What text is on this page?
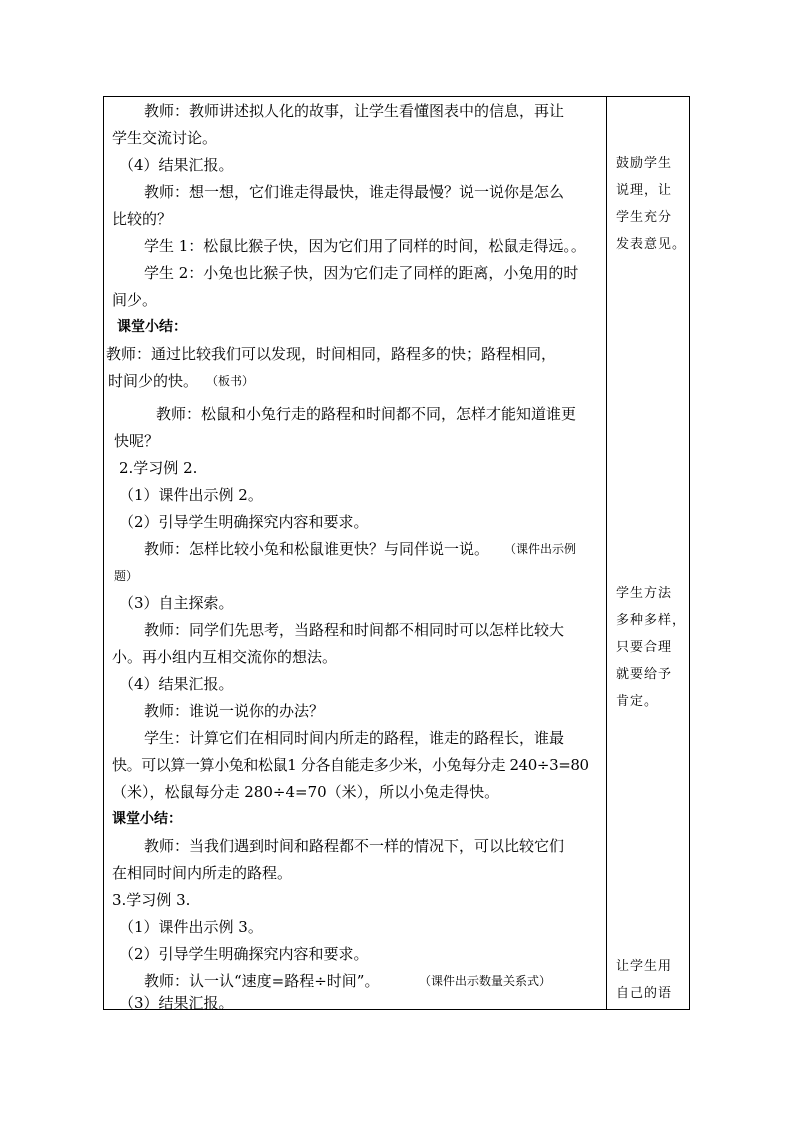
教师：教师讲述拟人化的故事，让学生看懂图表中的信息，再让
学生交流讨论。
（4）结果汇报。
教师：想一想，它们谁走得最快，谁走得最慢？说一说你是怎么
比较的？
学生 1：松鼠比猴子快，因为它们用了同样的时间，松鼠走得远。。
学生 2：小兔也比猴子快，因为它们走了同样的距离，小兔用的时
间少。
课堂小结：
教师：通过比较我们可以发现，时间相同，路程多的快；路程相同，
时间少的快。 （板书）
教师：松鼠和小兔行走的路程和时间都不同，怎样才能知道谁更
快呢？
2.学习例 2.
（1）课件出示例 2。
（2）引导学生明确探究内容和要求。
教师：怎样比较小兔和松鼠谁更快？与同伴说一说。 （课件出示例
题）
（3）自主探索。
教师：同学们先思考，当路程和时间都不相同时可以怎样比较大
小。再小组内互相交流你的想法。
（4）结果汇报。
教师：谁说一说你的办法？
学生：计算它们在相同时间内所走的路程，谁走的路程长，谁最
快。可以算一算小兔和松鼠1 分各自能走多少米，小兔每分走 240÷3=80
（米），松鼠每分走 280÷4=70（米），所以小兔走得快。
课堂小结：
教师：当我们遇到时间和路程都不一样的情况下，可以比较它们
在相同时间内所走的路程。
3.学习例 3.
（1）课件出示例 3。
（2）引导学生明确探究内容和要求。
教师：认一认“速度=路程÷时间”。	（课件出示数量关系式）
（3）结果汇报。
鼓励学生
说理，让
学生充分
发表意见。
学生方法
多种多样，
只要合理
就要给予
肯定。
让学生用
自己的语
